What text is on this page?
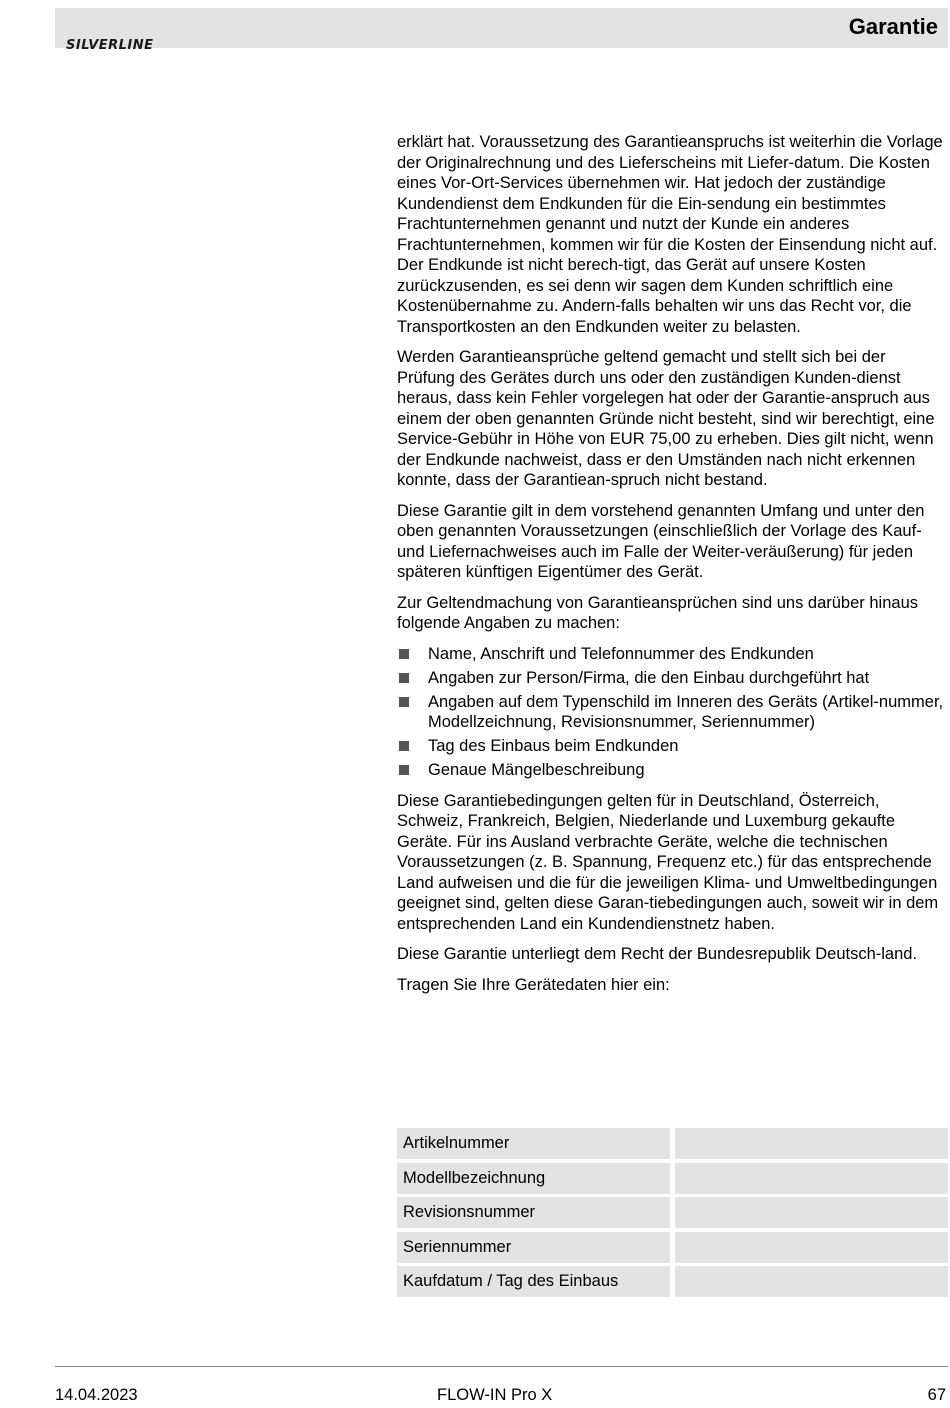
SILVERLINE
Garantie

erklärt hat. Voraussetzung des Garantieanspruchs ist weiterhin die Vorlage der Originalrechnung und des Lieferscheins mit Liefer-datum. Die Kosten eines Vor-Ort-Services übernehmen wir. Hat jedoch der zuständige Kundendienst dem Endkunden für die Ein-sendung ein bestimmtes Frachtunternehmen genannt und nutzt der Kunde ein anderes Frachtunternehmen, kommen wir für die Kosten der Einsendung nicht auf. Der Endkunde ist nicht berech-tigt, das Gerät auf unsere Kosten zurückzusenden, es sei denn wir sagen dem Kunden schriftlich eine Kostenübernahme zu. Andern-falls behalten wir uns das Recht vor, die Transportkosten an den Endkunden weiter zu belasten.

Werden Garantieansprüche geltend gemacht und stellt sich bei der Prüfung des Gerätes durch uns oder den zuständigen Kunden-dienst heraus, dass kein Fehler vorgelegen hat oder der Garantie-anspruch aus einem der oben genannten Gründe nicht besteht, sind wir berechtigt, eine Service-Gebühr in Höhe von EUR 75,00 zu erheben. Dies gilt nicht, wenn der Endkunde nachweist, dass er den Umständen nach nicht erkennen konnte, dass der Garantiean-spruch nicht bestand.

Diese Garantie gilt in dem vorstehend genannten Umfang und unter den oben genannten Voraussetzungen (einschließlich der Vorlage des Kauf- und Liefernachweises auch im Falle der Weiter-veräußerung) für jeden späteren künftigen Eigentümer des Gerät.

Zur Geltendmachung von Garantieansprüchen sind uns darüber hinaus folgende Angaben zu machen:

Name, Anschrift und Telefonnummer des Endkunden
Angaben zur Person/Firma, die den Einbau durchgeführt hat
Angaben auf dem Typenschild im Inneren des Geräts (Artikel-nummer, Modellzeichnung, Revisionsnummer, Seriennummer)
Tag des Einbaus beim Endkunden
Genaue Mängelbeschreibung

Diese Garantiebedingungen gelten für in Deutschland, Österreich, Schweiz, Frankreich, Belgien, Niederlande und Luxemburg gekaufte Geräte. Für ins Ausland verbrachte Geräte, welche die technischen Voraussetzungen (z. B. Spannung, Frequenz etc.) für das entsprechende Land aufweisen und die für die jeweiligen Klima- und Umweltbedingungen geeignet sind, gelten diese Garan-tiebedingungen auch, soweit wir in dem entsprechenden Land ein Kundendienstnetz haben.

Diese Garantie unterliegt dem Recht der Bundesrepublik Deutsch-land.

Tragen Sie Ihre Gerätedaten hier ein:

Artikelnummer
Modellbezeichnung
Revisionsnummer
Seriennummer
Kaufdatum / Tag des Einbaus
14.04.2023	FLOW-IN Pro X	67
